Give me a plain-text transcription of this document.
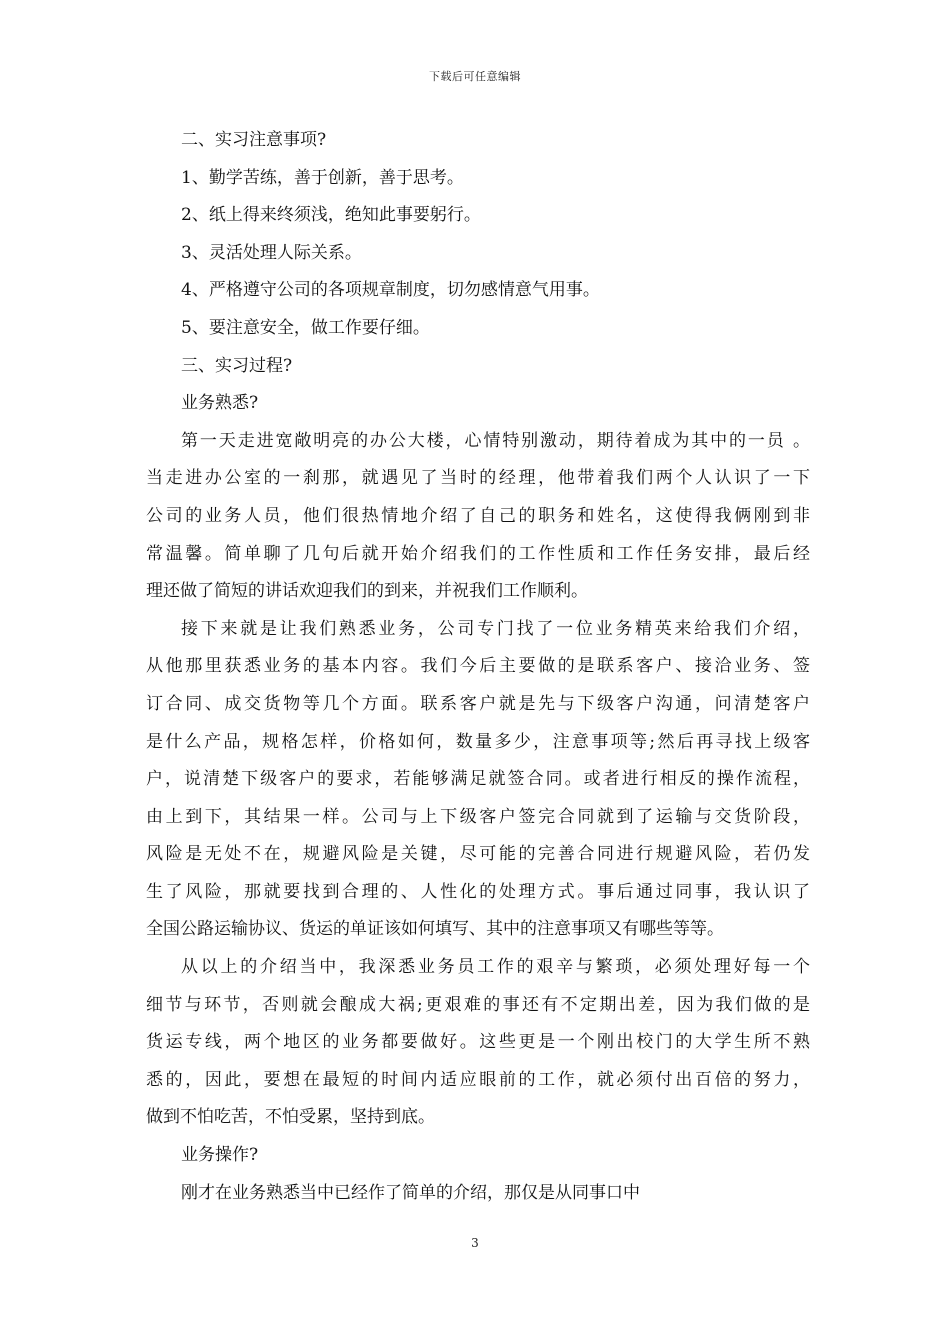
下载后可任意编辑
二、实习注意事项?
1、勤学苦练，善于创新，善于思考。
2、纸上得来终须浅，绝知此事要躬行。
3、灵活处理人际关系。
4、严格遵守公司的各项规章制度，切勿感情意气用事。
5、要注意安全，做工作要仔细。
三、实习过程?
业务熟悉?
第一天走进宽敞明亮的办公大楼，心情特别激动，期待着成为其中的一员 。
当走进办公室的一刹那，就遇见了当时的经理，他带着我们两个人认识了一下
公司的业务人员，他们很热情地介绍了自己的职务和姓名，这使得我俩刚到非
常温馨。简单聊了几句后就开始介绍我们的工作性质和工作任务安排，最后经
理还做了简短的讲话欢迎我们的到来，并祝我们工作顺利。
接下来就是让我们熟悉业务，公司专门找了一位业务精英来给我们介绍，
从他那里获悉业务的基本内容。我们今后主要做的是联系客户、接洽业务、签
订合同、成交货物等几个方面。联系客户就是先与下级客户沟通，问清楚客户
是什么产品，规格怎样，价格如何，数量多少，注意事项等;然后再寻找上级客
户，说清楚下级客户的要求，若能够满足就签合同。或者进行相反的操作流程，
由上到下，其结果一样。公司与上下级客户签完合同就到了运输与交货阶段，
风险是无处不在，规避风险是关键，尽可能的完善合同进行规避风险，若仍发
生了风险，那就要找到合理的、人性化的处理方式。事后通过同事，我认识了
全国公路运输协议、货运的单证该如何填写、其中的注意事项又有哪些等等。
从以上的介绍当中，我深悉业务员工作的艰辛与繁琐，必须处理好每一个
细节与环节，否则就会酿成大祸;更艰难的事还有不定期出差，因为我们做的是
货运专线，两个地区的业务都要做好。这些更是一个刚出校门的大学生所不熟
悉的，因此，要想在最短的时间内适应眼前的工作，就必须付出百倍的努力，
做到不怕吃苦，不怕受累，坚持到底。
业务操作?
刚才在业务熟悉当中已经作了简单的介绍，那仅是从同事口中
3
